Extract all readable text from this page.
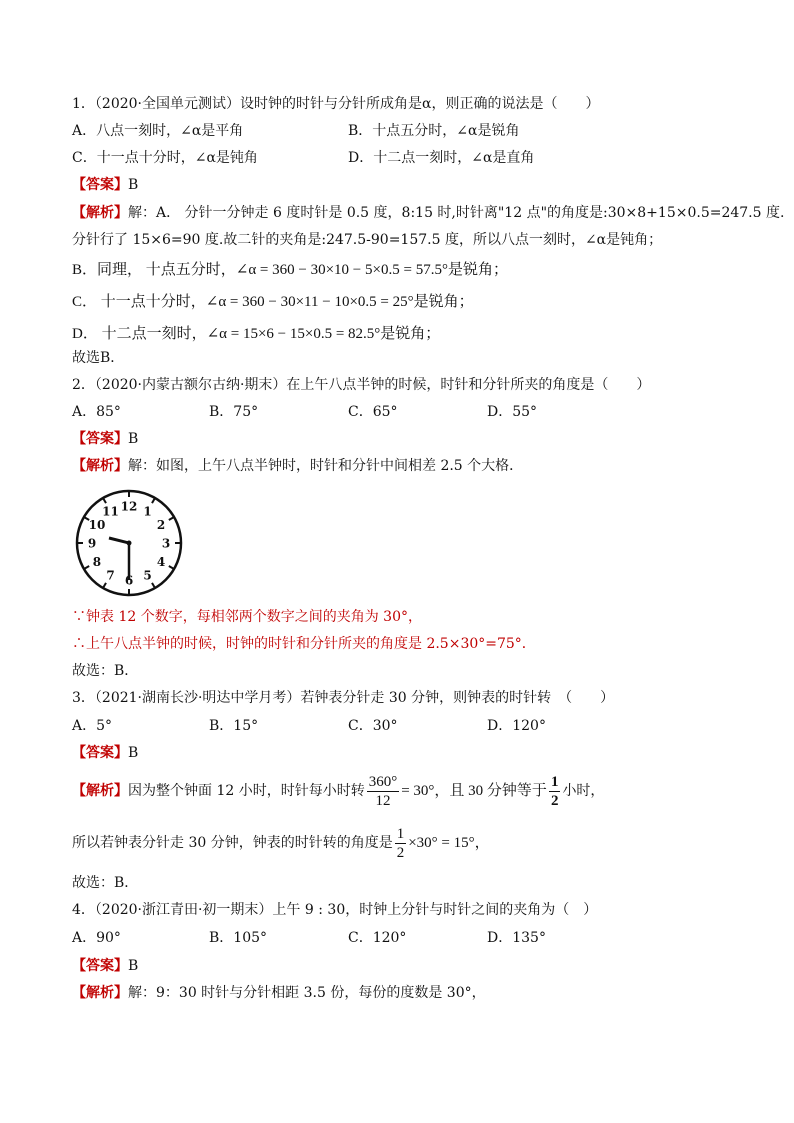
1．（2020·全国单元测试）设时钟的时针与分针所成角是α，则正确的说法是（　　）
A．八点一刻时，∠α是平角	B．十点五分时，∠α是锐角
C．十一点十分时，∠α是钝角	D．十二点一刻时，∠α是直角
【答案】B
【解析】解：A． 分针一分钟走 6 度时针是 0.5 度，8:15 时,时针离"12 点"的角度是:30×8+15×0.5=247.5 度.
分针行了 15×6=90 度.故二针的夹角是:247.5-90=157.5 度，所以八点一刻时，∠α是钝角；
B．同理， 十点五分时，∠α = 360 − 30×10 − 5×0.5 = 57.5°是锐角；
C． 十一点十分时，∠α = 360 − 30×11 − 10×0.5 = 25°是锐角；
D． 十二点一刻时，∠α = 15×6 − 15×0.5 = 82.5°是锐角；
故选B．
2．（2020·内蒙古额尔古纳·期末）在上午八点半钟的时候，时针和分针所夹的角度是（　　）
A．85°	B．75°	C．65°	D．55°
【答案】B
【解析】解：如图，上午八点半钟时，时针和分针中间相差 2.5 个大格．
12 1
2
3
4
5
6
7
8
9
10
11
∵钟表 12 个数字，每相邻两个数字之间的夹角为 30°，
∴上午八点半钟的时候，时钟的时针和分针所夹的角度是 2.5×30°=75°．
故选：B．
3．（2021·湖南长沙·明达中学月考）若钟表分针走 30 分钟，则钟表的时针转　（　　）
A．5°	B．15°	C．30°	D．120°
【答案】B
【解析】因为整个钟面 12 小时，时针每小时转 $\frac{360^\circ}{12} = 30^\circ$，且 30 分钟等于 $\frac{1}{2}$ 小时，
所以若钟表分针走 30 分钟，钟表的时针转的角度是 $\frac{1}{2} \times 30^\circ = 15^\circ$，
故选：B．
4．（2020·浙江青田·初一期末）上午 9 : 30，时钟上分针与时针之间的夹角为（　）
A．90°	B．105°	C．120°	D．135°
【答案】B
【解析】解：9：30 时针与分针相距 3.5 份，每份的度数是 30°，
